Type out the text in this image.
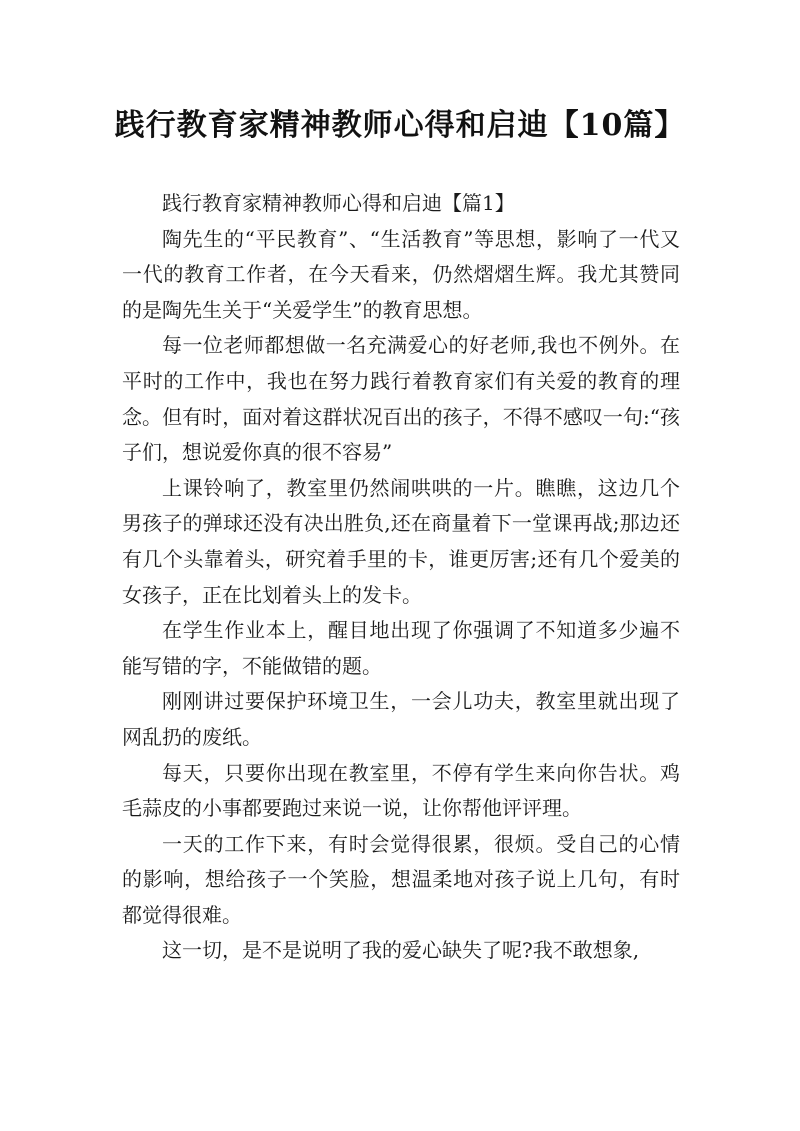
践行教育家精神教师心得和启迪【10篇】

践行教育家精神教师心得和启迪【篇1】

陶先生的“平民教育”、“生活教育”等思想，影响了一代又一代的教育工作者，在今天看来，仍然熠熠生辉。我尤其赞同的是陶先生关于“关爱学生”的教育思想。

每一位老师都想做一名充满爱心的好老师,我也不例外。在平时的工作中，我也在努力践行着教育家们有关爱的教育的理念。但有时，面对着这群状况百出的孩子，不得不感叹一句:“孩子们，想说爱你真的很不容易”

上课铃响了，教室里仍然闹哄哄的一片。瞧瞧，这边几个男孩子的弹球还没有决出胜负,还在商量着下一堂课再战;那边还有几个头靠着头，研究着手里的卡，谁更厉害;还有几个爱美的女孩子，正在比划着头上的发卡。

在学生作业本上，醒目地出现了你强调了不知道多少遍不能写错的字，不能做错的题。

刚刚讲过要保护环境卫生，一会儿功夫，教室里就出现了网乱扔的废纸。

每天，只要你出现在教室里，不停有学生来向你告状。鸡毛蒜皮的小事都要跑过来说一说，让你帮他评评理。

一天的工作下来，有时会觉得很累，很烦。受自己的心情的影响，想给孩子一个笑脸，想温柔地对孩子说上几句，有时都觉得很难。

这一切，是不是说明了我的爱心缺失了呢?我不敢想象,
